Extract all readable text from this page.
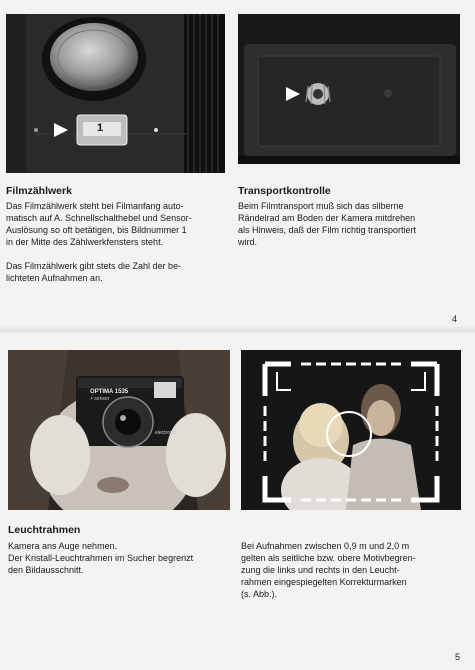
1
Filmzählwerk

Das Filmzählwerk steht bei Filmanfang auto-
matisch auf A. Schnellschalthebel und Sensor-
Auslösung so oft betätigen, bis Bildnummer 1
in der Mitte des Zählwerkfensters steht.

Das Filmzählwerk gibt stets die Zahl der be-
lichteten Aufnahmen an.

Transportkontrolle

Beim Filmtransport muß sich das silberne
Rändelrad am Boden der Kamera mitdrehen
als Hinweis, daß der Film richtig transportiert
wird.

4
OPTIMA 1535
+ sensor
electronic
Leuchtrahmen

Kamera ans Auge nehmen.
Der Kristall-Leuchtrahmen im Sucher begrenzt
den Bildausschnitt.

Bei Aufnahmen zwischen 0,9 m und 2,0 m
gelten als seitliche bzw. obere Motivbegren-
zung die links und rechts in den Leucht-
rahmen eingespiegelten Korrekturmarken
(s. Abb.).

5
